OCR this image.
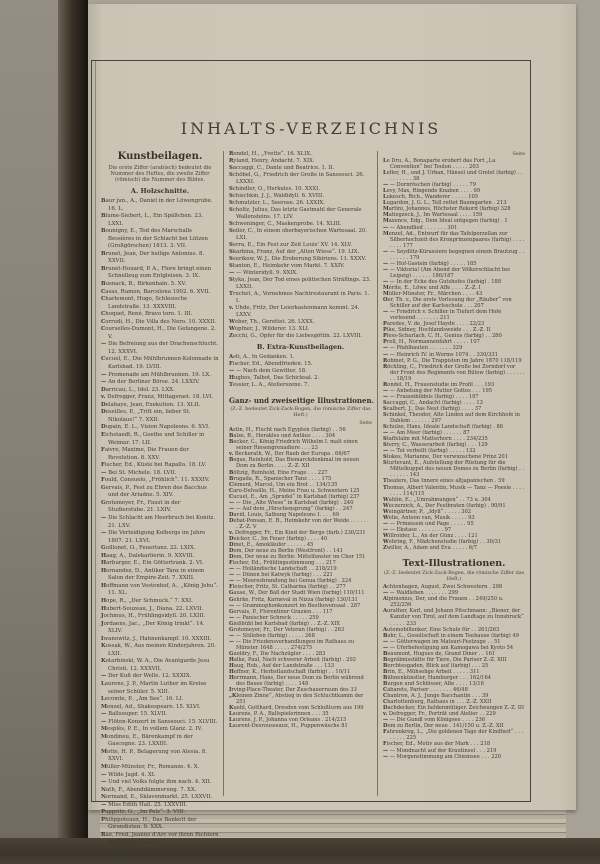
INHALTS-VERZEICHNIS
Kunstbeilagen.

Die erste Ziffer (arabisch) bedeutet die Nummer des Heftes, die zweite Ziffer (römisch) die Nummer des Bildes.

A. Holzschnitte.
Baur jun., A., Daniel in der Löwengrube. 16. L.
Blume-Siebert, L., Ein Späßchen. 23. LXXI.
Bounigny, E., Tod des Marschalls Bessières in der Schlacht bei Lützen (Großgörschen) 1813. 3. VII.
Brunet, Jean, Der heilige Antonius. 8. XXVII.
Brunet-Houard, P. A., Flore bringt einen Schnellzug zum Entgleisen. 3. IX.
Busnack, B., Birkenhain. 5. XV.
Casas, Ramon, Barcelona 1902. 6. XVII.
Charlemont, Hugo, Schlesische Landstraße. 13. XXXVIII.
Choquet, René, Bravo toro. 1. III.
Corrodi, H., Die Villa des Nero. 10. XXXII.
Courselles-Dumont, H., Die Gefangene. 2. V.
— Die Befreiung aus der Drachenschlucht. 12. XXXVI.
Cucuel, E., Die Mühlbrunnen-Kolonnade in Karlsbad. 19. LVIII.
— Promenade am Mühlbrunnen. 19. LX.
— An der Berliner Börse. 24. LXXIV.
Darricau, L., Idol. 23. LXX.
v. Defregger, Franz, Mittagsrast. 18. LVI.
Delahaye, Jean, Exekution. 13. XLII.
Deseilles, P., „Tritt ein, lieber St. Nikolaus!“ 7. XXII.
Dupain, E. L., Vision Napoleons. 6. XVI.
Eichstaedt, R., Goethe und Schiller in Weimar. 17. LII.
Faivre, Maxime, Die Frauen der Revolution. 8. XXV.
Fischer, Ed., Küste bei Rapallo. 18. LV.
— Bei St. Michele. 18. LVII.
Fould, Consuelo, „Fröhlich“. 11. XXXIV.
Gervais, P., Fest zu Ehren des Bacchus und der Ariadne. 5. XIV.
Grotemeyer, Fr., Faust in der Studierstube. 21. LXIV.
— Die Schlacht am Heerbruch bei Konitz. 21. LXV.
— Die Verteidigung Kolbergs im Jahre 1807. 21. LXVI.
Guillonet, O., Feuertanz. 22. LXIX.
Haag, A., Dalekarlierin. 9. XXVIII.
Harburger, E., Ein Göttertrank. 2. VI.
Hernandez, D., Antiker Tanz in einem Salon der Empire-Zeit. 7. XXIII.
Hoffmann von Vestenhof, A., „König Jehu“. 11. XL.
Hope, R., „Der Schmuck.“ 7. XXI.
Hubert-Souzeau, J., Diana. 22. LXVII.
Jochmus, H., Frühlingsidyll. 20. LXIII.
Jordaens, Jac., „Der König trinkt“. 14. XLIV.
Iwanowitz, J., Hahnenkampf. 10. XXXIII.
Kossak, W., Aus meinen Kinderjahren. 20. LXII.
Kotarbinski, W. A., Die Avantgarde Jesu Christi. 12. XXXVII.
— Der Kuß der Welle. 12. XXXIX.
Laurens, J. P., Martin Luther im Kreise seiner Schüler. 5. XIII.
Lecomte, P., „Am See“. 16. LI.
Menzel, Ad., Shakespeare. 15. XLVI.
— Ballsouper. 15. XLVII.
— Flöten-Konzert in Sanssouci. 15. XLVIII.
Mesplès, P. E., In vollem Glanz. 2. IV.
Mondineu, E., Bärenkampf in der Gascogne. 23. LXXIII.
Motte, H. P., Belagerung von Alesia. 8. XXVI.
Müller-Münster, Fr., Romanze. 4. X.
— Wilde Jagd. 4. XI.
— Und viel Volks folgte ihm nach. 4. XII.
Nath, F., Abenddämmerung. 7. XX.
Normand, E., Sklavenmarkt. 25. LXXVII.
— Miss Edith Hall. 25. LXXVIII.
Pappritz, G., „Im Pelz“. 3. VIII.
Philippoteaux, H., Das Bankett der Girondisten. 9. XXX.
Rae, Fred, Jeanne d'Arc vor ihren Richtern zu Rouen. 17. LIII.
Rae, Henriette, Morgenlied. 25. LXXVI.
Rondel, H., „Yvette“. 16. XLIX.
Ryland, Henry, Andacht. 7. XIX.
Saccaggi, C., Dante und Beatrice. 1. II.
Schöbel, G., Friedrich der Große in Sanssouci. 26. LXXXI.
Schindler, O., Herkules. 10. XXXI.
Schischkin, J. J., Waldidyll. 6. XVIII.
Schmutzler, L., Seerose. 26. LXXIX.
Scholtz, Julius, Das letzte Gastmahl der Generale Wallensteins. 17. LIV.
Schweninger, C., Maskenprobe. 14. XLIII.
Seiler, C., In einem oberbayerischen Wartesaal. 20. LXI.
Serra, E., Ein Fest zur Zeit Louis' XV. 14. XLV.
Skarbina, Franz, Auf der „Alten Wiese“. 19. LIX.
Ssurikow, W. J., Die Eroberung Sibiriens. 11. XXXV.
Stanton, E., Heimkehr vom Markt. 7. XXIV.
— — Winteridyll. 9. XXIX.
Styka, Jean, Der Tod eines politischen Sträflings. 23. LXXII.
Truchet, A., Vornehmes Nachtrestaurant in Paris. 1. I.
v. Uhde, Fritz, Der Leierkastenmann kommt. 24. LXXV.
Weber, Th., Gerettet. 26. LXXX.
Wopfner, J., Wilderer. 13. XLI.
Zecchi, G., Opfer für die Liebesgöttin. 22. LXVIII.
B. Extra-Kunstbeilagen.
Asti, A., In Gedanken. 1.
Fischer, Ed., Abendfrieden. 15.
— — Nach dem Gewitter. 18.
Hughes, Talbot, Das Schicksal. 2.
Tessier, L. A., Atelierszene. 7.
Ganz- und zweiseitige Illustrationen.

(Z.-Z. bedeutet Zick-Zack-Bogen, die römische Ziffer das Heft.)

Seite
Astin, H., Flucht nach Egypten (farbig) . . 56
Balze, R., Herakles und Antäus . . . . 304
Becker, C., König Friedrich Wilhelm I. malt einen seiner Riesengrenadiere . . . 23
v. Beckerath, W., Der Raub der Europa . 66/67
Begas, Reinhold, Das Bismarckdenkmal im neuen Dom zu Berlin . . . . Z.-Z. XII
Böltzig, Reinhold, Eine Frage . . . 227
Brugada, R., Spanischer Tanz . . . . 175
Clément, Marcel, Um ein Brot . . 134/135
Caro-Delvaille, H., Meine Frau u. Schwestern 125
Cucuel, E., Am „Sprudel“ in Karlsbad (farbig) 237
— — Die „Alte Wiese“ in Karlsbad (farbig) . 240
— — Auf dem „Hirschensprung“ (farbig) . . 247
David, Louis, Salbung Napoleons I. . . . 69
Debat-Ponsan, E. B., Heimkehr von der Weide . . . . . . . Z.-Z. V
v. Defregger, Fr., Ein Kind der Berge (farb.) 230/231
Deicker, C., Im Feuer (farbig) . . . . 40
Dinet, E., Amokläufer . . . . . . 45
Dom, Der neue zu Berlin (Westfront) . . 141
Dom, Der neue zu Berlin: Mittelfenster im Chor 151
Fischer, Ed., Frühlingsstimmung . . . 217
— — Holländische Landschaft . . 218/219
— — Dünen bei Katwyk (farbig) . . . 221
— — Meeresbrandung bei Genua (farbig) . 224
Fleischer, Fritz, St. Catharina (farbig) . . 277
Gause, W., Der Ball der Stadt Wien (farbig) 110/111
Gehrke, Fritz, Karneval in Nizza (farbig) 130/131
— — Grammophonkonzert im Beethovensaal . 287
Gervais, P., Florentiner Grazien . . . 117
— — Panischer Schreck . . . . . 259
Gießhübl bei Karlsbad (farbig) . . Z.-Z. XIX
Grotemeyer, Fr., Der Veteran (farbig) . . 263
— — Stilleben (farbig) . . . . . 268
— — Die Friedensverhandlungen im Rathaus zu Münster 1648 . . . . . 274/275
Gueldry, F., Die Nachzügler . . . . 283
Halke, Paul, Nach schwerer Arbeit (farbig) . 292
Haug, Rob., Auf der Landstraße . . . 133
Heffner, K., Herbstlandschaft (farbig) . . 10/11
Herrmann, Hans, Der neue Dom zu Berlin während des Baues (farbig) . . . . 148
Irving-Place-Theater, Der Zuschauerraum des 33
„Kleinen Zinne“, Abstieg in den Schluchtkamin der 251
Kuehl, Gotthard, Dresden vom Schloßturm aus 199
Laurens, P. A., Ballspielerinnen . . . 35
Laurens, J. P., Johanna von Orleans . 214/215
Laurent-Desrousseaux, H., Puppenwäsche 81
Seite
Le Dru, A., Bonaparte erobert das Fort „La Convention“ bei Toulon . . . . . 203
Lefler, H., und J. Urban, Hänsel und Gretel (farbig) . . . . . . . . . 38
— — Dornröschen (farbig) . . . . . 79
Levy, Max, Ringende Knaben . . . . 99
Lukesch, Rich., Wanderer . . . . . 105
Lugardon, J. G. L., Tell rettet Baumgarten . 213
Martini, Johannes, Höchster Rekord (farbig) 328
Matiegzeck, J., Im Wartesaal . . . . 159
Maxence, Edg., Dem Ideal entgegen (farbig) . 1
— — Abendlied . . . . . . . 301
Menzel, Ad., Entwurf für das Tafelporzellan zur Silberhochzeit des Kronprinzenpaares (farbig) . . . . . . . . 177
— — Seydlitz-Kürassiere begegnen einem Brautzug . . . . . . . . 179
— — Hof-Gastein (farbig) . . . . . 185
— — Viktoria! (Am Abend der Völkerschlacht bei Leipzig) . . . . . . 186/187
— — In der Ecke des Gutshofes (farbig) . 188
Mérite, E., Löwe und Affe . . . . Z.-Z. I
Müller-Münster, Fr., Märchen . . . . 43
Oer, Th. v., Die erste Vorlesung der „Räuber“ von Schiller auf der Karlsschule . . . 207
— — Friedrich v. Schiller in Tiefurt dem Hofe vorlesend . . . . . . . 211
Paredes, V. de, Josef Haydn . . . . 22/23
Pike, Sidney, Hochlandsweide . . . Z.-Z. II
Pless-Scharlach, C. H., Genius (farbig) . . 280
Prell, H., Normannenfahrt . . . . . 107
— — Pfahlbauten . . . . . . . 329
— — Heinrich IV. in Worms 1074 . . 330/331
Robinet, P. G., Die Trappisten im Jahre 1870 118/119
Röchling, C., Friedrich der Große bei Zorndorf vor der Front des Regiments von Bülow (farbig) . . . . . . . . 18/19
Rondel, H., Frauenstudie im Profil . . . 193
— — Anbetung der Mutter Gottes . . . 195
— — Frauenbildnis (farbig) . . . . 197
Saccaggi, C., Andacht (farbig) . . . . 13
Scalbert, J., Das Nest (farbig) . . . . 37
Schinkel, Theodor, Alte Linden auf dem Kirchhofe in Dahlem . . . . . . 297
Schulze, Hans, Ideale Landschaft (farbig) . 86
— — Am Meer (farbig) . . . . . . 87
Staffelalm mit Matterhorn . . . . 234/235
Sterry, C., Wasserarbeit (farbig) . . . 129
— — Tot verbellt (farbig) . . . . . 132
Stokes, Marianne, Der verwunschene Prinz 201
Sturtevant, E., Aufstellung der Rüstung für die Mittelkuppel des neuen Domes zu Berlin (farbig) . . . . . . . . 143
Theaters, Das Innere eines altjapanischen . 59
Thomas, Albert Valentin, Musik — Tanz — Poesie . . . . . . . . 114/115
Wahlin, E., „Umrahmungen“ . . 73 u. 304
Weczerzick, A., Der Festbraten (farbig) . 90/91
Weingärtner, P., „Idyll“ . . . . . 302
Welie, Antoon van, Musik . . . . . 93
— — Prinzessin und Page . . . . . 95
— — Ekstase . . . . . . . . 97
Willroider, L., An der Günz . . . . 121
Wehring, F., Mädchenstudie (farbig) . . 30/31
Zwiller, A., Adam und Eva . . . . . 6/7
Text-Illustrationen.

(Z.-Z. bedeutet Zick-Zack-Bogen, die römische Ziffer das Heft.)

Achtenhagen, August, Zwei Schwestern . 298
— — Waldleben . . . . . . . 299
Alpinismus, Der, und die Frauen . . 249/250 u. 252/256
Aurather, Karl, und Johann Pitschmann: „Biener, der Kanzler von Tirol, auf dem Landtage zu Innsbruck“ . . . . . 233
Automobillenker, Eine Schule für . . 261/263
Bahr, L., Gesellschaft in einem Teehause (farbig) 49
— — Götterwagen im Matsuri-Festzuge . . 51
— — Uferbefestigung am Kamogawa bei Kyoto 54
Beaumont, Hugues de, Grand Diner . . 161
Begräbnisstätte für Tiere, Die Pariser Z.-Z. XIII
Berchtesgaden, Blick auf (farbig) . . . 25
Brin, E., Mühselige Arbeit . . . . . 311
Bühnenkünstler, Hamburger . . . 162/164
Burgen und Schlösser, Alte . . . . 13/16
Cabarets, Pariser . . . . . . . 46/48
Chantron, A. J., Junge Bacchantin . . . 39
Charlottenburg, Rathaus in . . . Z.-Z. XXII
Dachdecker, Ein heldenmütiger. Zeichnungen Z.-Z. III
v. Defregger, Fr., Porträt und Atelier . . 229
— — Die Gundl vom Königsee . . . . 236
Dom zu Berlin, Der neue . 141/150 u. Z.-Z. XII
Fahrenkrog, L., „Die goldenen Tage der Kindheit“ . . . . . . . . 225
Fischer, Ed., Motiv aus der Mark . . . 218
— — Mondnacht auf der Krautinsel . . . 219
— — Morgenstimmung am Chiemsee . . . 220
